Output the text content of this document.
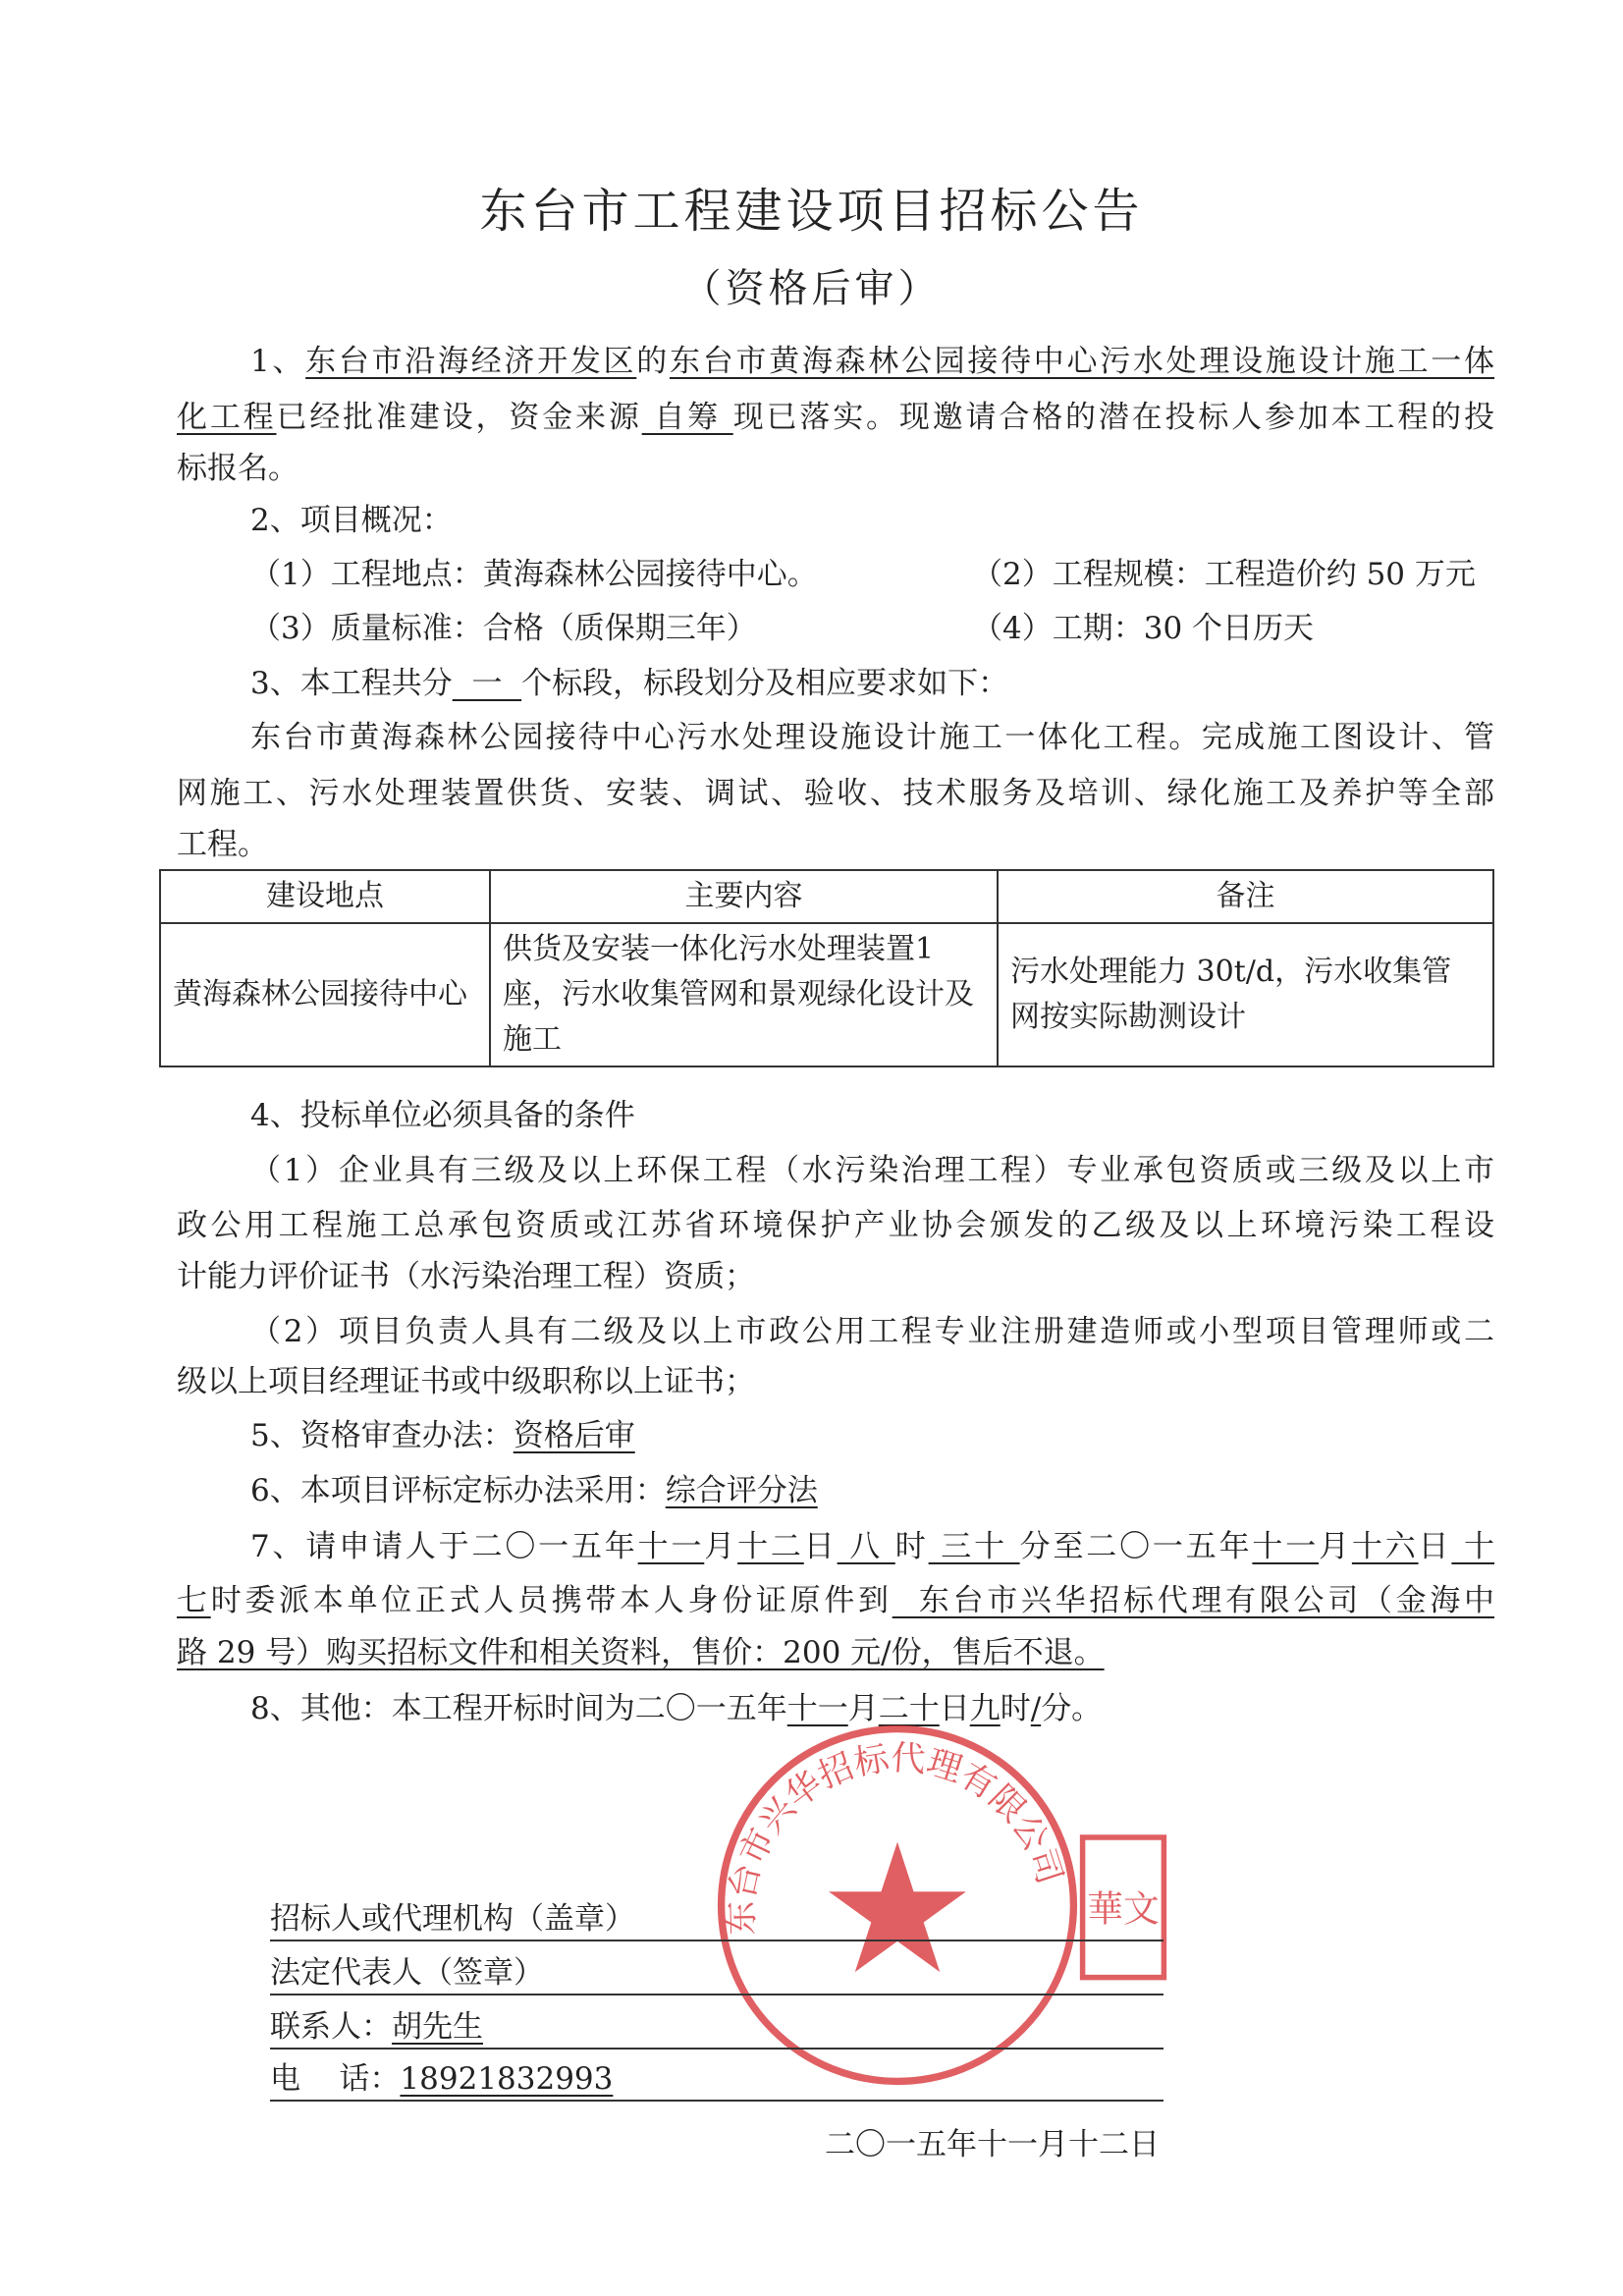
东台市工程建设项目招标公告
（资格后审）
1、东台市沿海经济开发区的东台市黄海森林公园接待中心污水处理设施设计施工一体
化工程已经批准建设，资金来源 自筹 现已落实。现邀请合格的潜在投标人参加本工程的投
标报名。
2、项目概况：
（1）工程地点：黄海森林公园接待中心。	（2）工程规模：工程造价约 50 万元
（3）质量标准：合格（质保期三年）	（4）工期：30 个日历天
3、本工程共分  一  个标段，标段划分及相应要求如下：
东台市黄海森林公园接待中心污水处理设施设计施工一体化工程。完成施工图设计、管
网施工、污水处理装置供货、安装、调试、验收、技术服务及培训、绿化施工及养护等全部
工程。
建设地点	主要内容	备注
黄海森林公园接待中心	供货及安装一体化污水处理装置1座，污水收集管网和景观绿化设计及施工	污水处理能力 30t/d，污水收集管网按实际勘测设计
4、投标单位必须具备的条件
（1）企业具有三级及以上环保工程（水污染治理工程）专业承包资质或三级及以上市
政公用工程施工总承包资质或江苏省环境保护产业协会颁发的乙级及以上环境污染工程设
计能力评价证书（水污染治理工程）资质；
（2）项目负责人具有二级及以上市政公用工程专业注册建造师或小型项目管理师或二
级以上项目经理证书或中级职称以上证书；
5、资格审查办法：资格后审
6、本项目评标定标办法采用：综合评分法
7、请申请人于二〇一五年十一月十二日 八 时 三十 分至二〇一五年十一月十六日 十
七时委派本单位正式人员携带本人身份证原件到  东台市兴华招标代理有限公司（金海中
路 29 号）购买招标文件和相关资料，售价：200 元/份，售后不退。
8、其他：本工程开标时间为二〇一五年十一月二十日九时/分。
东台市兴华招标代理有限公司
華文
招标人或代理机构（盖章）
法定代表人（签章）
联系人：胡先生
电    话：18921832993
二〇一五年十一月十二日
